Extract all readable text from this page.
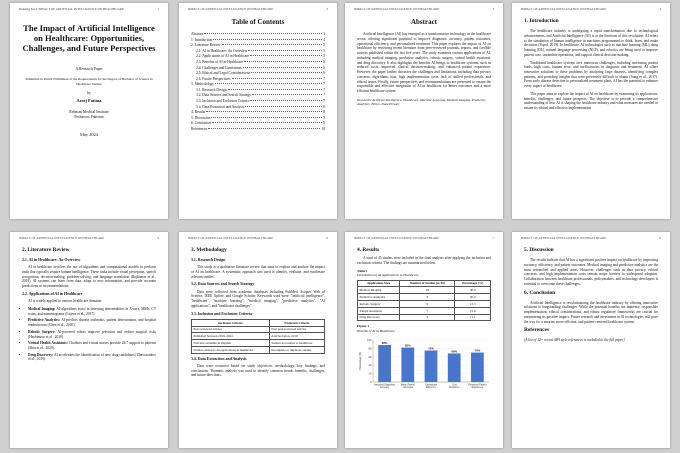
Running head: IMPACT OF ARTIFICIAL INTELLIGENCE ON HEALTHCARE	1
The Impact of Artificial Intelligence on Healthcare: Opportunities, Challenges, and Future Perspectives
A Research Paper
Submitted in Partial Fulfillment of the Requirements for the Degree of Bachelor of Science in Healthcare Studies
by
Areej Fatima
Rehman Medical Institute
Peshawar, Pakistan
May 2024
IMPACT OF ARTIFICIAL INTELLIGENCE ON HEALTHCARE	2
Table of Contents
Abstract	3
1. Introduction	4
2. Literature Review	5
2.1. AI in Healthcare: An Overview	5
2.2. Applications of AI in Healthcare	5
2.3. Benefits of AI in Healthcare	6
2.4. Challenges and Limitations	6
2.5. Ethical and Legal Considerations	6
2.6. Future Perspectives	7
3. Methodology	7
3.1. Research Design	7
3.2. Data Sources and Search Strategy	7
3.3. Inclusion and Exclusion Criteria	7
3.4. Data Extraction and Analysis	8
4. Results	8
5. Discussion	9
6. Conclusion	9
References	10
IMPACT OF ARTIFICIAL INTELLIGENCE ON HEALTHCARE	3
Abstract

Artificial Intelligence (AI) has emerged as a transformative technology in the healthcare sector, offering significant potential to improve diagnostic accuracy, patient outcomes, operational efficiency, and personalized treatment. This paper explores the impact of AI on healthcare by reviewing recent literature from peer-reviewed journals, reports, and credible sources published within the last five years. The study examines various applications of AI, including medical imaging, predictive analytics, robotic surgery, virtual health assistants, and drug discovery. It also highlights the benefits AI brings to healthcare systems, such as reduced costs, improved clinical decision-making, and enhanced patient experience. However, the paper further discusses the challenges and limitations, including data privacy concerns, algorithmic bias, high implementation costs, lack of skilled professionals, and ethical issues. Finally, future perspectives and recommendations are presented to ensure the responsible and effective integration of AI in healthcare for better outcomes and a more efficient healthcare system.

Keywords: Artificial Intelligence, Healthcare, Machine Learning, Medical Imaging, Predictive Analytics, Ethics, Data Privacy
IMPACT OF ARTIFICIAL INTELLIGENCE ON HEALTHCARE	4
1. Introduction

The healthcare industry is undergoing a rapid transformation due to technological advancements, and Artificial Intelligence (AI) is at the forefront of this revolution. AI refers to the simulation of human intelligence in machines programmed to think, learn, and make decisions (Topol, 2019). In healthcare, AI technologies such as machine learning (ML), deep learning (DL), natural language processing (NLP), and robotics are being used to improve patient care, streamline operations, and support clinical decision-making.

Traditional healthcare systems face numerous challenges, including increasing patient loads, high costs, human error, and inefficiencies in diagnosis and treatment. AI offers innovative solutions to these problems by analyzing large datasets, identifying complex patterns, and providing insights that were previously difficult to obtain (Jiang et al., 2017). From early disease detection to personalized treatment plans, AI has the potential to enhance every aspect of healthcare.

This paper aims to explore the impact of AI on healthcare by examining its applications, benefits, challenges, and future prospects. The objective is to provide a comprehensive understanding of how AI is shaping the healthcare industry and what measures are needed to ensure its ethical and effective implementation.

IMPACT OF ARTIFICIAL INTELLIGENCE ON HEALTHCARE	5
2. Literature Review
2.1. AI in Healthcare: An Overview

AI in healthcare involves the use of algorithms and computational models to perform tasks that typically require human intelligence. These tasks include visual perception, speech recognition, decision-making, problem-solving, and language translation (Rajkomar et al., 2019). AI systems can learn from data, adapt to new information, and provide accurate predictions or recommendations.

2.2. Applications of AI in Healthcare

AI is widely applied in various healthcare domains:

• Medical Imaging: AI algorithms assist in detecting abnormalities in X-rays, MRIs, CT scans, and mammograms (Litjens et al., 2017).
• Predictive Analytics: AI predicts disease outbreaks, patient deterioration, and hospital readmissions (Chen et al., 2020).
• Robotic Surgery: AI-powered robots improve precision and reduce surgical risks (Hashimoto et al., 2018).
• Virtual Health Assistants: Chatbots and virtual nurses provide 24/7 support to patients (Shiu et al., 2020).
• Drug Discovery: AI accelerates the identification of new drug candidates (Zhavoronkov et al., 2019).
IMPACT OF ARTIFICIAL INTELLIGENCE ON HEALTHCARE	6
3. Methodology
3.1. Research Design

This study is a qualitative literature review that aims to explore and analyze the impact of AI on healthcare. A systematic approach was used to identify, evaluate, and synthesize relevant studies.

3.2. Data Sources and Search Strategy

Data were collected from academic databases including PubMed, Scopus, Web of Science, IEEE Xplore, and Google Scholar. Keywords used were: "artificial intelligence", "healthcare", "machine learning", "medical imaging", "predictive analytics", "AI applications", and "healthcare challenges".

3.3. Inclusion and Exclusion Criteria
Inclusion Criteria	Exclusion Criteria
Peer-reviewed articles	Non-peer-reviewed articles
Published between 2019–2024	Articles before 2019
Full-text available in English	Studies not related to healthcare
Studies related to AI applications in healthcare	Incomplete or duplicate studies
3.4. Data Extraction and Analysis

Data were extracted based on study objectives, methodology, key findings, and conclusions. Thematic analysis was used to identify common trends, benefits, challenges, and future directions.

IMPACT OF ARTIFICIAL INTELLIGENCE ON HEALTHCARE	7
4. Results

A total of 45 studies were included in the final analysis after applying the inclusion and exclusion criteria. The findings are summarized below.

Table 1
Distribution of AI Applications in Healthcare
Application Area	Number of Studies (n=45)	Percentage (%)
Medical Imaging	18	40.0
Predictive Analytics	9	20.0
Robotic Surgery	6	13.3
Virtual Assistants	7	15.6
Drug Discovery	5	11.1
Figure 1
Benefits of AI in Healthcare
0
20
40
60
80
100
Percentage (%)
88%
Improved Diagnostic Accuracy
82%
Better Patient Outcomes
75%
Operational Efficiency
68%
Cost Reduction
70%
Enhanced Patient Experience
IMPACT OF ARTIFICIAL INTELLIGENCE ON HEALTHCARE	8
5. Discussion

The results indicate that AI has a significant positive impact on healthcare by improving accuracy, efficiency, and patient outcomes. Medical imaging and predictive analytics are the most researched and applied areas. However, challenges such as data privacy, ethical concerns, and high implementation costs remain major barriers to widespread adoption. Collaboration between healthcare professionals, policymakers, and technology developers is essential to overcome these challenges.

6. Conclusion

Artificial Intelligence is revolutionizing the healthcare industry by offering innovative solutions to longstanding challenges. While the potential benefits are immense, responsible implementation, ethical considerations, and robust regulatory frameworks are crucial for maximizing its positive impact. Future research and investment in AI technologies will pave the way for a smarter, more efficient, and patient-centered healthcare system.

References

(A list of 12+ recent APA style references is included in the full paper)
